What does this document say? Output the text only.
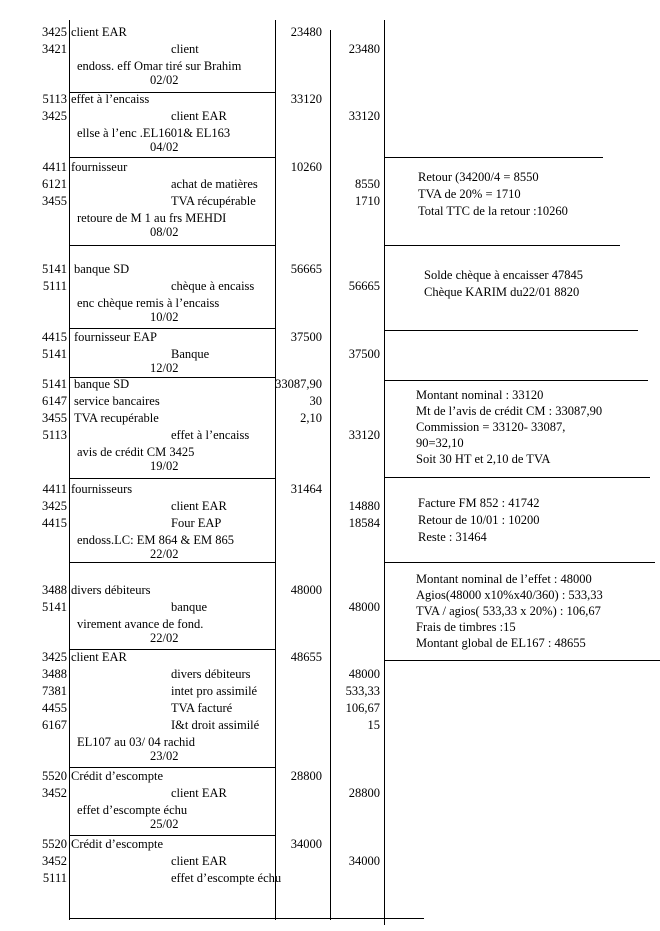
3425 client EAR	23480
3421	client	23480
endoss. eff Omar tiré sur Brahim
02/02
5113 effet à l’encaiss	33120
3425	client EAR	33120
ellse à l’enc .EL1601& EL163
04/02
4411 fournisseur	10260
6121	achat de matières	8550
3455	TVA récupérable	1710
retoure de M 1 au frs MEHDI
08/02
5141 banque SD	56665
5111	chèque à encaiss	56665
enc chèque remis à l’encaiss
10/02
4415 fournisseur EAP	37500
5141	Banque	37500
12/02
5141 banque SD	33087,90
6147 service bancaires	30
3455 TVA recupérable	2,10
5113	effet à l’encaiss	33120
avis de crédit CM 3425
19/02
4411 fournisseurs	31464
3425	client EAR	14880
4415	Four EAP	18584
endoss.LC: EM 864 & EM 865
22/02
3488 divers débiteurs	48000
5141	banque	48000
virement avance de fond.
22/02
3425 client EAR	48655
3488	divers débiteurs	48000
7381	intet pro assimilé	533,33
4455	TVA facturé	106,67
6167	I&t droit assimilé	15
EL107 au 03/ 04 rachid
23/02
5520 Crédit d’escompte	28800
3452	client EAR	28800
effet d’escompte échu
25/02
5520 Crédit d’escompte	34000
3452	client EAR	34000
5111	effet d’escompte échu
Retour (34200/4 = 8550
TVA de 20% = 1710
Total TTC de la retour :10260
Solde chèque à encaisser 47845
Chèque KARIM du22/01 8820
Montant nominal : 33120
Mt de l’avis de crédit CM : 33087,90
Commission = 33120- 33087,
90=32,10
Soit 30 HT et 2,10 de TVA
Facture FM 852 : 41742
Retour de 10/01 : 10200
Reste : 31464
Montant nominal de l’effet : 48000
Agios(48000 x10%x40/360) : 533,33
TVA / agios( 533,33 x 20%) : 106,67
Frais de timbres :15
Montant global de EL167 : 48655
